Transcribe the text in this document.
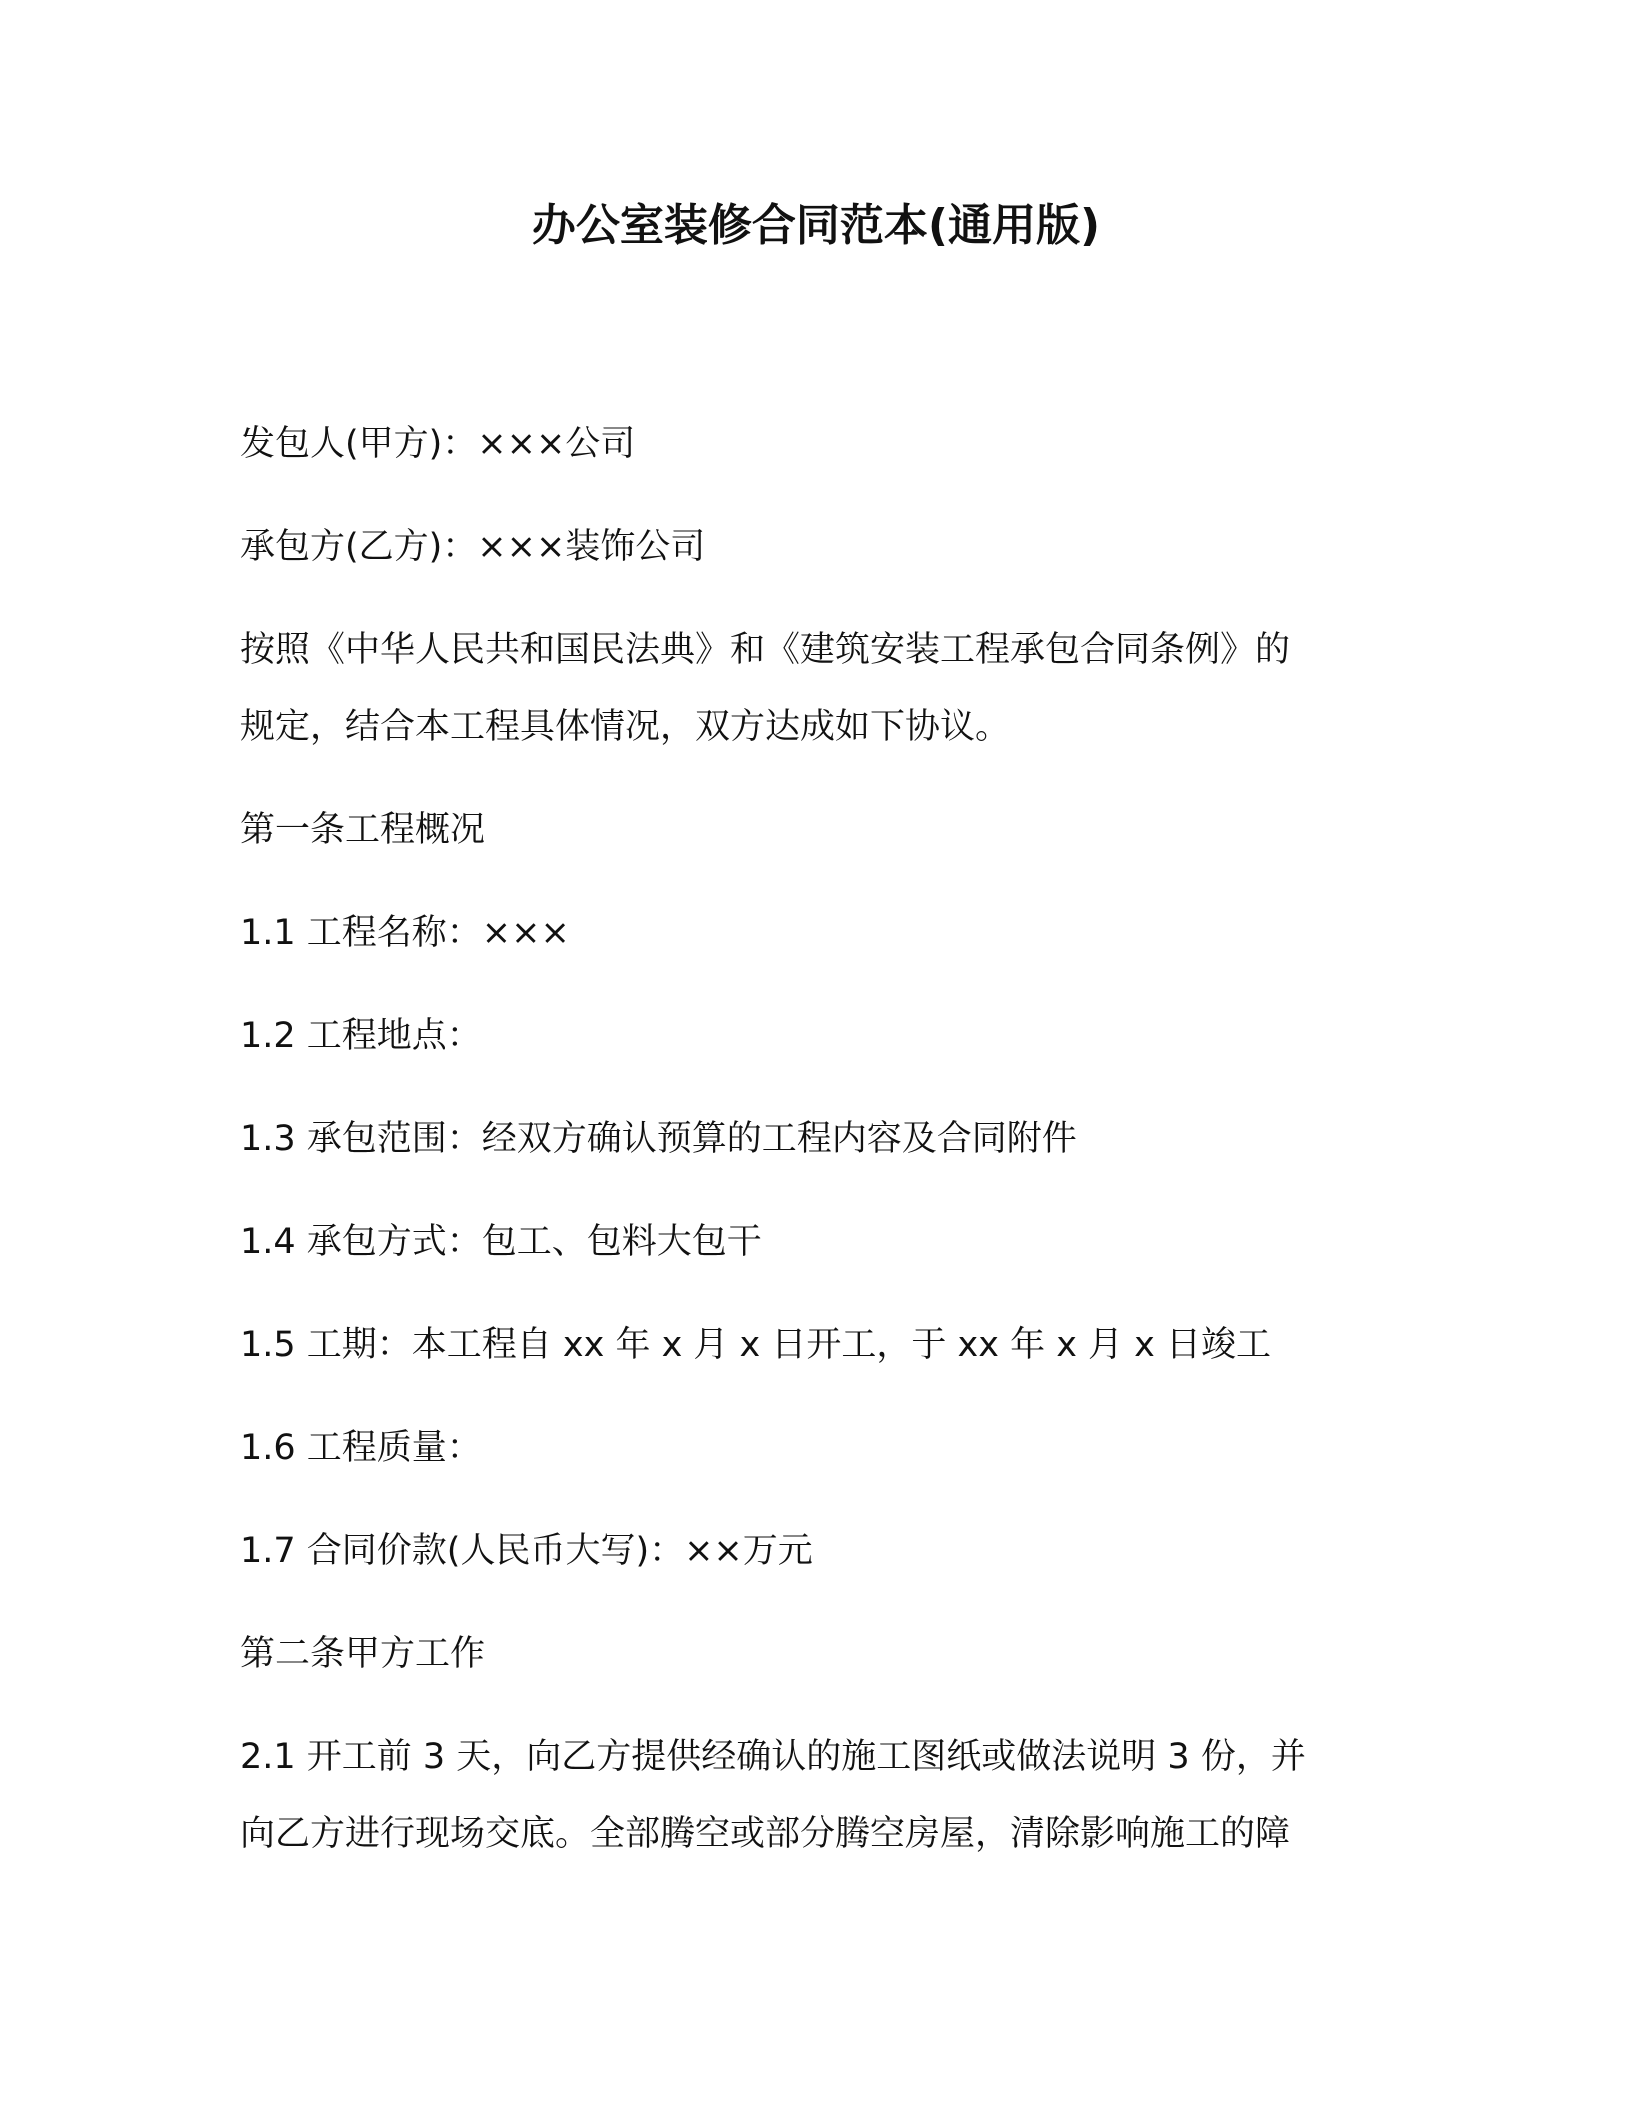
办公室装修合同范本(通用版)
发包人(甲方)：×××公司
承包方(乙方)：×××装饰公司
按照《中华人民共和国民法典》和《建筑安装工程承包合同条例》的
规定，结合本工程具体情况，双方达成如下协议。
第一条工程概况
1.1 工程名称：×××
1.2 工程地点：
1.3 承包范围：经双方确认预算的工程内容及合同附件
1.4 承包方式：包工、包料大包干
1.5 工期：本工程自 xx 年 x 月 x 日开工，于 xx 年 x 月 x 日竣工
1.6 工程质量：
1.7 合同价款(人民币大写)：××万元
第二条甲方工作
2.1 开工前 3 天，向乙方提供经确认的施工图纸或做法说明 3 份，并
向乙方进行现场交底。全部腾空或部分腾空房屋，清除影响施工的障
